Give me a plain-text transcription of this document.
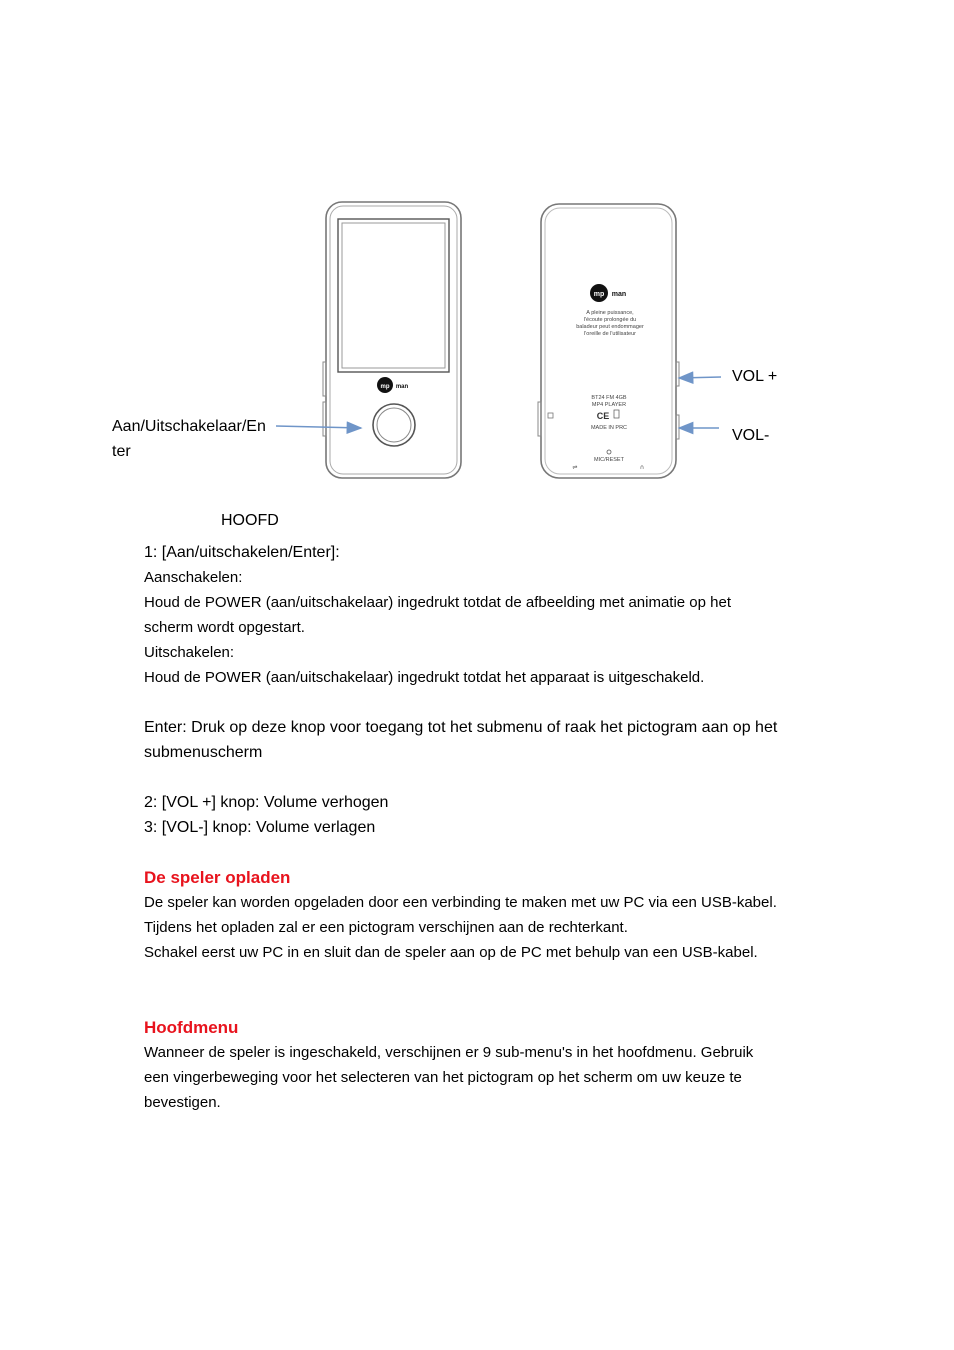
mp man
mp man
A pleine puissance,
l'écoute prolongée du
baladeur peut endommager
l'oreille de l'utilisateur
BT24 FM 4GB
MP4 PLAYER
MADE IN PRC
MIC/RESET
CE
⇌	∩
Aan/Uitschakelaar/En
ter
VOL +
VOL-
HOOFD
1: [Aan/uitschakelen/Enter]:
Aanschakelen:
Houd de POWER (aan/uitschakelaar) ingedrukt totdat de afbeelding met animatie op het
scherm wordt opgestart.
Uitschakelen:
Houd de POWER (aan/uitschakelaar) ingedrukt totdat het apparaat is uitgeschakeld.
Enter: Druk op deze knop voor toegang tot het submenu of raak het pictogram aan op het
submenuscherm
2: [VOL +] knop: Volume verhogen
3: [VOL-] knop: Volume verlagen
De speler opladen
De speler kan worden opgeladen door een verbinding te maken met uw PC via een USB-kabel.
Tijdens het opladen zal er een pictogram verschijnen aan de rechterkant.
Schakel eerst uw PC in en sluit dan de speler aan op de PC met behulp van een USB-kabel.
Hoofdmenu
Wanneer de speler is ingeschakeld, verschijnen er 9 sub-menu's in het hoofdmenu. Gebruik
een vingerbeweging voor het selecteren van het pictogram op het scherm om uw keuze te
bevestigen.
